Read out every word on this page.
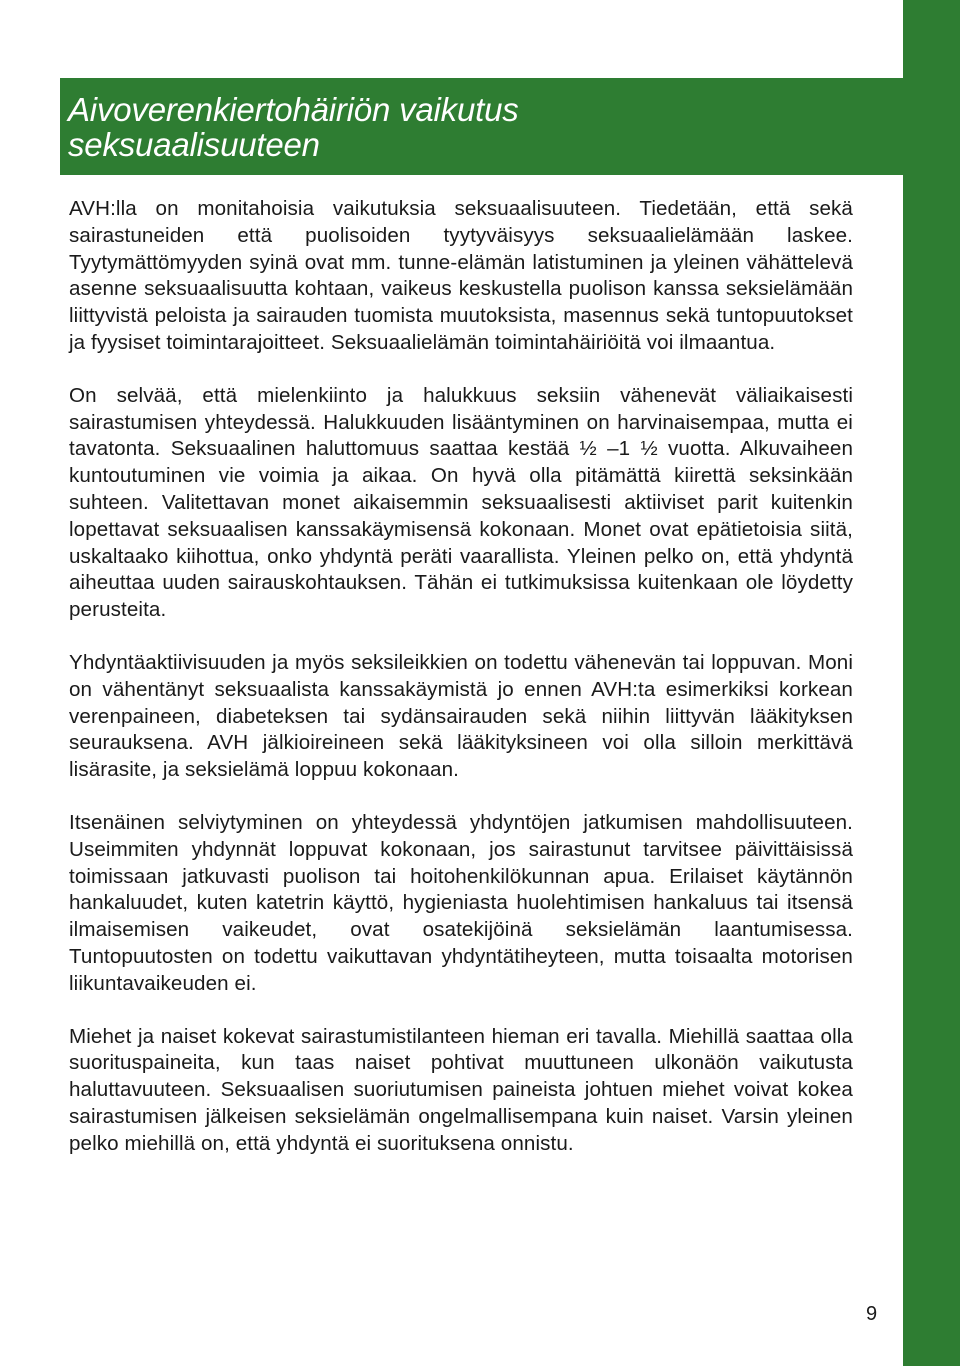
Aivoverenkiertohäiriön vaikutus
seksuaalisuuteen

AVH:lla on monitahoisia vaikutuksia seksuaalisuuteen. Tiedetään, että sekä sairastuneiden että puolisoiden tyytyväisyys seksuaalielämään laskee. Tyytymättömyyden syinä ovat mm. tunne-elämän latistuminen ja yleinen vähättelevä asenne seksuaalisuutta kohtaan, vaikeus keskustella puolison kanssa seksielämään liittyvistä peloista ja sairauden tuomista muutoksista, masennus sekä tuntopuutokset ja fyysiset toimintarajoitteet. Seksuaalielämän toimintahäiriöitä voi ilmaantua.

On selvää, että mielenkiinto ja halukkuus seksiin vähenevät väliaikaisesti sairastumisen yhteydessä. Halukkuuden lisääntyminen on harvinaisempaa, mutta ei tavatonta. Seksuaalinen haluttomuus saattaa kestää ½ –1 ½ vuotta. Alkuvaiheen kuntoutuminen vie voimia ja aikaa. On hyvä olla pitämättä kiirettä seksinkään suhteen. Valitettavan monet aikaisemmin seksuaalisesti aktiiviset parit kuitenkin lopettavat seksuaalisen kanssakäymisensä kokonaan. Monet ovat epätietoisia siitä, uskaltaako kiihottua, onko yhdyntä peräti vaarallista. Yleinen pelko on, että yhdyntä aiheuttaa uuden sairauskohtauksen. Tähän ei tutkimuksissa kuitenkaan ole löydetty perusteita.

Yhdyntäaktiivisuuden ja myös seksileikkien on todettu vähenevän tai loppuvan. Moni on vähentänyt seksuaalista kanssakäymistä jo ennen AVH:ta esimerkiksi korkean verenpaineen, diabeteksen tai sydänsairauden sekä niihin liittyvän lääkityksen seurauksena. AVH jälkioireineen sekä lääkityksineen voi olla silloin merkittävä lisärasite, ja seksielämä loppuu kokonaan.

Itsenäinen selviytyminen on yhteydessä yhdyntöjen jatkumisen mahdollisuuteen. Useimmiten yhdynnät loppuvat kokonaan, jos sairastunut tarvitsee päivittäisissä toimissaan jatkuvasti puolison tai hoitohenkilökunnan apua. Erilaiset käytännön hankaluudet, kuten katetrin käyttö, hygieniasta huolehtimisen hankaluus tai itsensä ilmaisemisen vaikeudet, ovat osatekijöinä seksielämän laantumisessa. Tuntopuutosten on todettu vaikuttavan yhdyntätiheyteen, mutta toisaalta motorisen liikuntavaikeuden ei.

Miehet ja naiset kokevat sairastumistilanteen hieman eri tavalla. Miehillä saattaa olla suorituspaineita, kun taas naiset pohtivat muuttuneen ulkonäön vaikutusta haluttavuuteen. Seksuaalisen suoriutumisen paineista johtuen miehet voivat kokea sairastumisen jälkeisen seksielämän ongelmallisempana kuin naiset. Varsin yleinen pelko miehillä on, että yhdyntä ei suorituksena onnistu.

9
